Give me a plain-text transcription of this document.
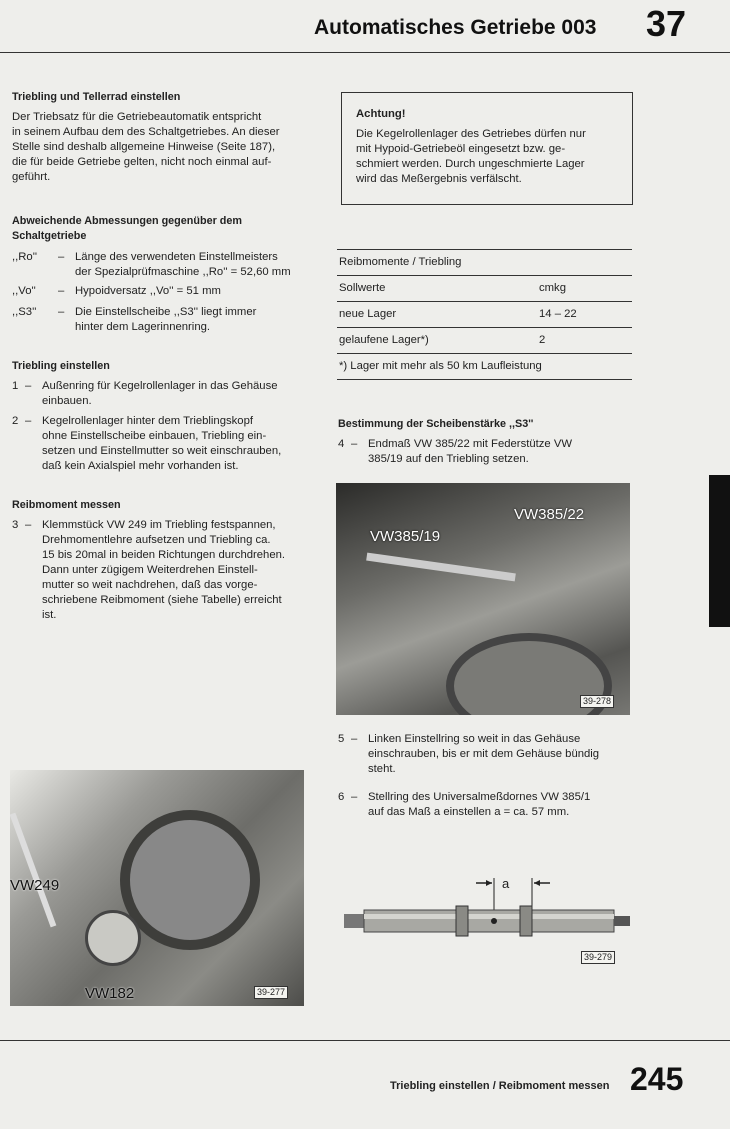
Automatisches Getriebe 003 37
Triebling und Tellerrad einstellen
Der Triebsatz für die Getriebeautomatik entspricht
in seinem Aufbau dem des Schaltgetriebes. An dieser
Stelle sind deshalb allgemeine Hinweise (Seite 187),
die für beide Getriebe gelten, nicht noch einmal auf-
geführt.
Abweichende Abmessungen gegenüber dem
Schaltgetriebe
,,Ro''	– Länge des verwendeten Einstellmeisters
der Spezialprüfmaschine ,,Ro'' = 52,60 mm
,,Vo''	– Hypoidversatz ,,Vo'' = 51 mm
,,S3''	– Die Einstellscheibe ,,S3'' liegt immer
hinter dem Lagerinnenring.
Triebling einstellen
1 – Außenring für Kegelrollenlager in das Gehäuse
einbauen.
2 – Kegelrollenlager hinter dem Trieblingskopf
ohne Einstellscheibe einbauen, Triebling ein-
setzen und Einstellmutter so weit einschrauben,
daß kein Axialspiel mehr vorhanden ist.
Reibmoment messen
3 – Klemmstück VW 249 im Triebling festspannen,
Drehmomentlehre aufsetzen und Triebling ca.
15 bis 20mal in beiden Richtungen durchdrehen.
Dann unter zügigem Weiterdrehen Einstell-
mutter so weit nachdrehen, daß das vorge-
schriebene Reibmoment (siehe Tabelle) erreicht
ist.
VW249
VW182	39-277
Achtung!
Die Kegelrollenlager des Getriebes dürfen nur
mit Hypoid-Getriebeöl eingesetzt bzw. ge-
schmiert werden. Durch ungeschmierte Lager
wird das Meßergebnis verfälscht.
Reibmomente / Triebling
Sollwerte	cmkg
neue Lager	14 – 22
gelaufene Lager*)	2
*) Lager mit mehr als 50 km Laufleistung
Bestimmung der Scheibenstärke ,,S3''
4 – Endmaß VW 385/22 mit Federstütze VW
385/19 auf den Triebling setzen.
VW385/22
VW385/19
39-278
5 – Linken Einstellring so weit in das Gehäuse
einschrauben, bis er mit dem Gehäuse bündig
steht.
6 – Stellring des Universalmeßdornes VW 385/1
auf das Maß a einstellen a = ca. 57 mm.
a
39-279
Triebling einstellen / Reibmoment messen 245
